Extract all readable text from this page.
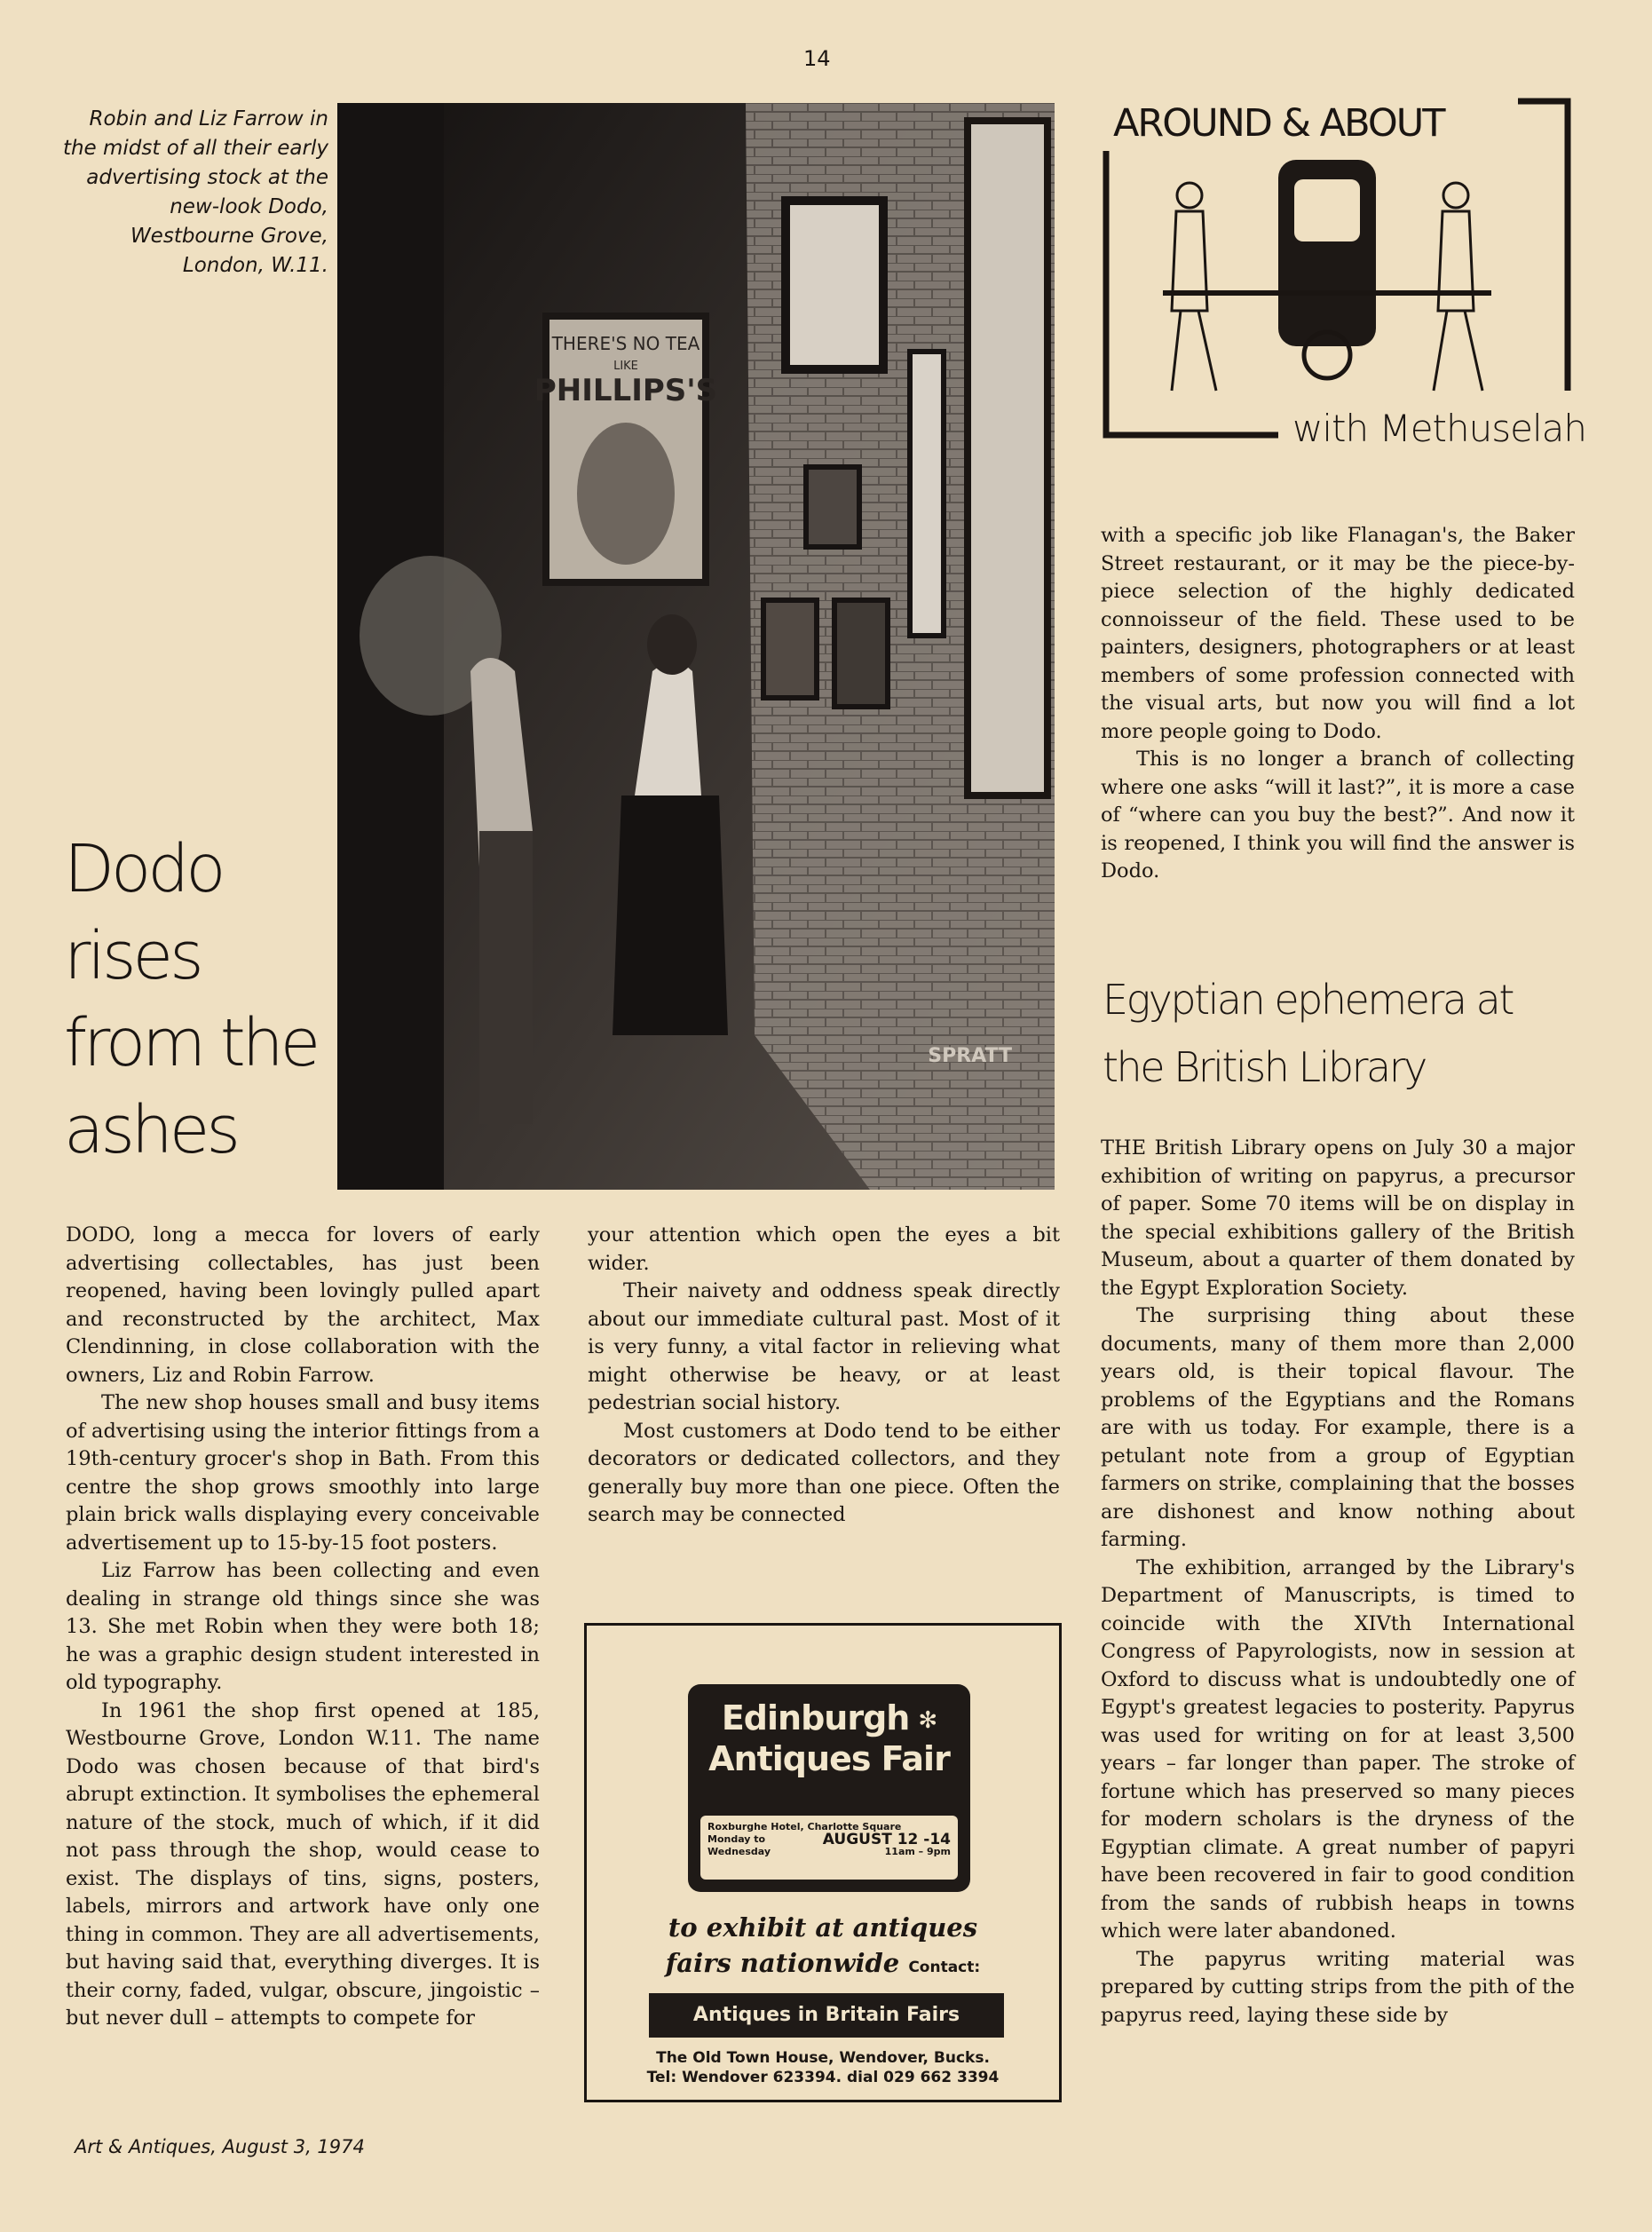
14
Robin and Liz Farrow in the midst of all their early advertising stock at the new-look Dodo, Westbourne Grove, London, W.11.
THERE'S NO TEA
LIKE
PHILLIPS'S
SPRATT
Dodo rises from the ashes

DODO, long a mecca for lovers of early advertising collectables, has just been reopened, having been lovingly pulled apart and reconstructed by the architect, Max Clendinning, in close collaboration with the owners, Liz and Robin Farrow.

The new shop houses small and busy items of advertising using the interior fittings from a 19th-century grocer's shop in Bath. From this centre the shop grows smoothly into large plain brick walls displaying every conceivable advertisement up to 15-by-15 foot posters.

Liz Farrow has been collecting and even dealing in strange old things since she was 13. She met Robin when they were both 18; he was a graphic design student interested in old typography.

In 1961 the shop first opened at 185, Westbourne Grove, London W.11. The name Dodo was chosen because of that bird's abrupt extinction. It symbolises the ephemeral nature of the stock, much of which, if it did not pass through the shop, would cease to exist. The displays of tins, signs, posters, labels, mirrors and artwork have only one thing in common. They are all advertisements, but having said that, everything diverges. It is their corny, faded, vulgar, obscure, jingoistic – but never dull – attempts to compete for

your attention which open the eyes a bit wider.

Their naivety and oddness speak directly about our immediate cultural past. Most of it is very funny, a vital factor in relieving what might otherwise be heavy, or at least pedestrian social history.

Most customers at Dodo tend to be either decorators or dedicated collectors, and they generally buy more than one piece. Often the search may be connected

AROUND & ABOUT
with Methuselah

with a specific job like Flanagan's, the Baker Street restaurant, or it may be the piece-by-piece selection of the highly dedicated connoisseur of the field. These used to be painters, designers, photographers or at least members of some profession connected with the visual arts, but now you will find a lot more people going to Dodo.

This is no longer a branch of collecting where one asks “will it last?”, it is more a case of “where can you buy the best?”. And now it is reopened, I think you will find the answer is Dodo.

Egyptian ephemera at the British Library

THE British Library opens on July 30 a major exhibition of writing on papyrus, a precursor of paper. Some 70 items will be on display in the special exhibitions gallery of the British Museum, about a quarter of them donated by the Egypt Exploration Society.

The surprising thing about these documents, many of them more than 2,000 years old, is their topical flavour. The problems of the Egyptians and the Romans are with us today. For example, there is a petulant note from a group of Egyptian farmers on strike, complaining that the bosses are dishonest and know nothing about farming.

The exhibition, arranged by the Library's Department of Manuscripts, is timed to coincide with the XIVth International Congress of Papyrologists, now in session at Oxford to discuss what is undoubtedly one of Egypt's greatest legacies to posterity. Papyrus was used for writing on for at least 3,500 years – far longer than paper. The stroke of fortune which has preserved so many pieces for modern scholars is the dryness of the Egyptian climate. A great number of papyri have been recovered in fair to good condition from the sands of rubbish heaps in towns which were later abandoned.

The papyrus writing material was prepared by cutting strips from the pith of the papyrus reed, laying these side by

Edinburgh ✻
Antiques Fair
Roxburghe Hotel, Charlotte Square
Monday to	AUGUST 12 -14
Wednesday	11am – 9pm
to exhibit at antiques
fairs nationwide Contact:
Antiques in Britain Fairs
The Old Town House, Wendover, Bucks.
Tel: Wendover 623394. dial 029 662 3394
Art & Antiques, August 3, 1974
